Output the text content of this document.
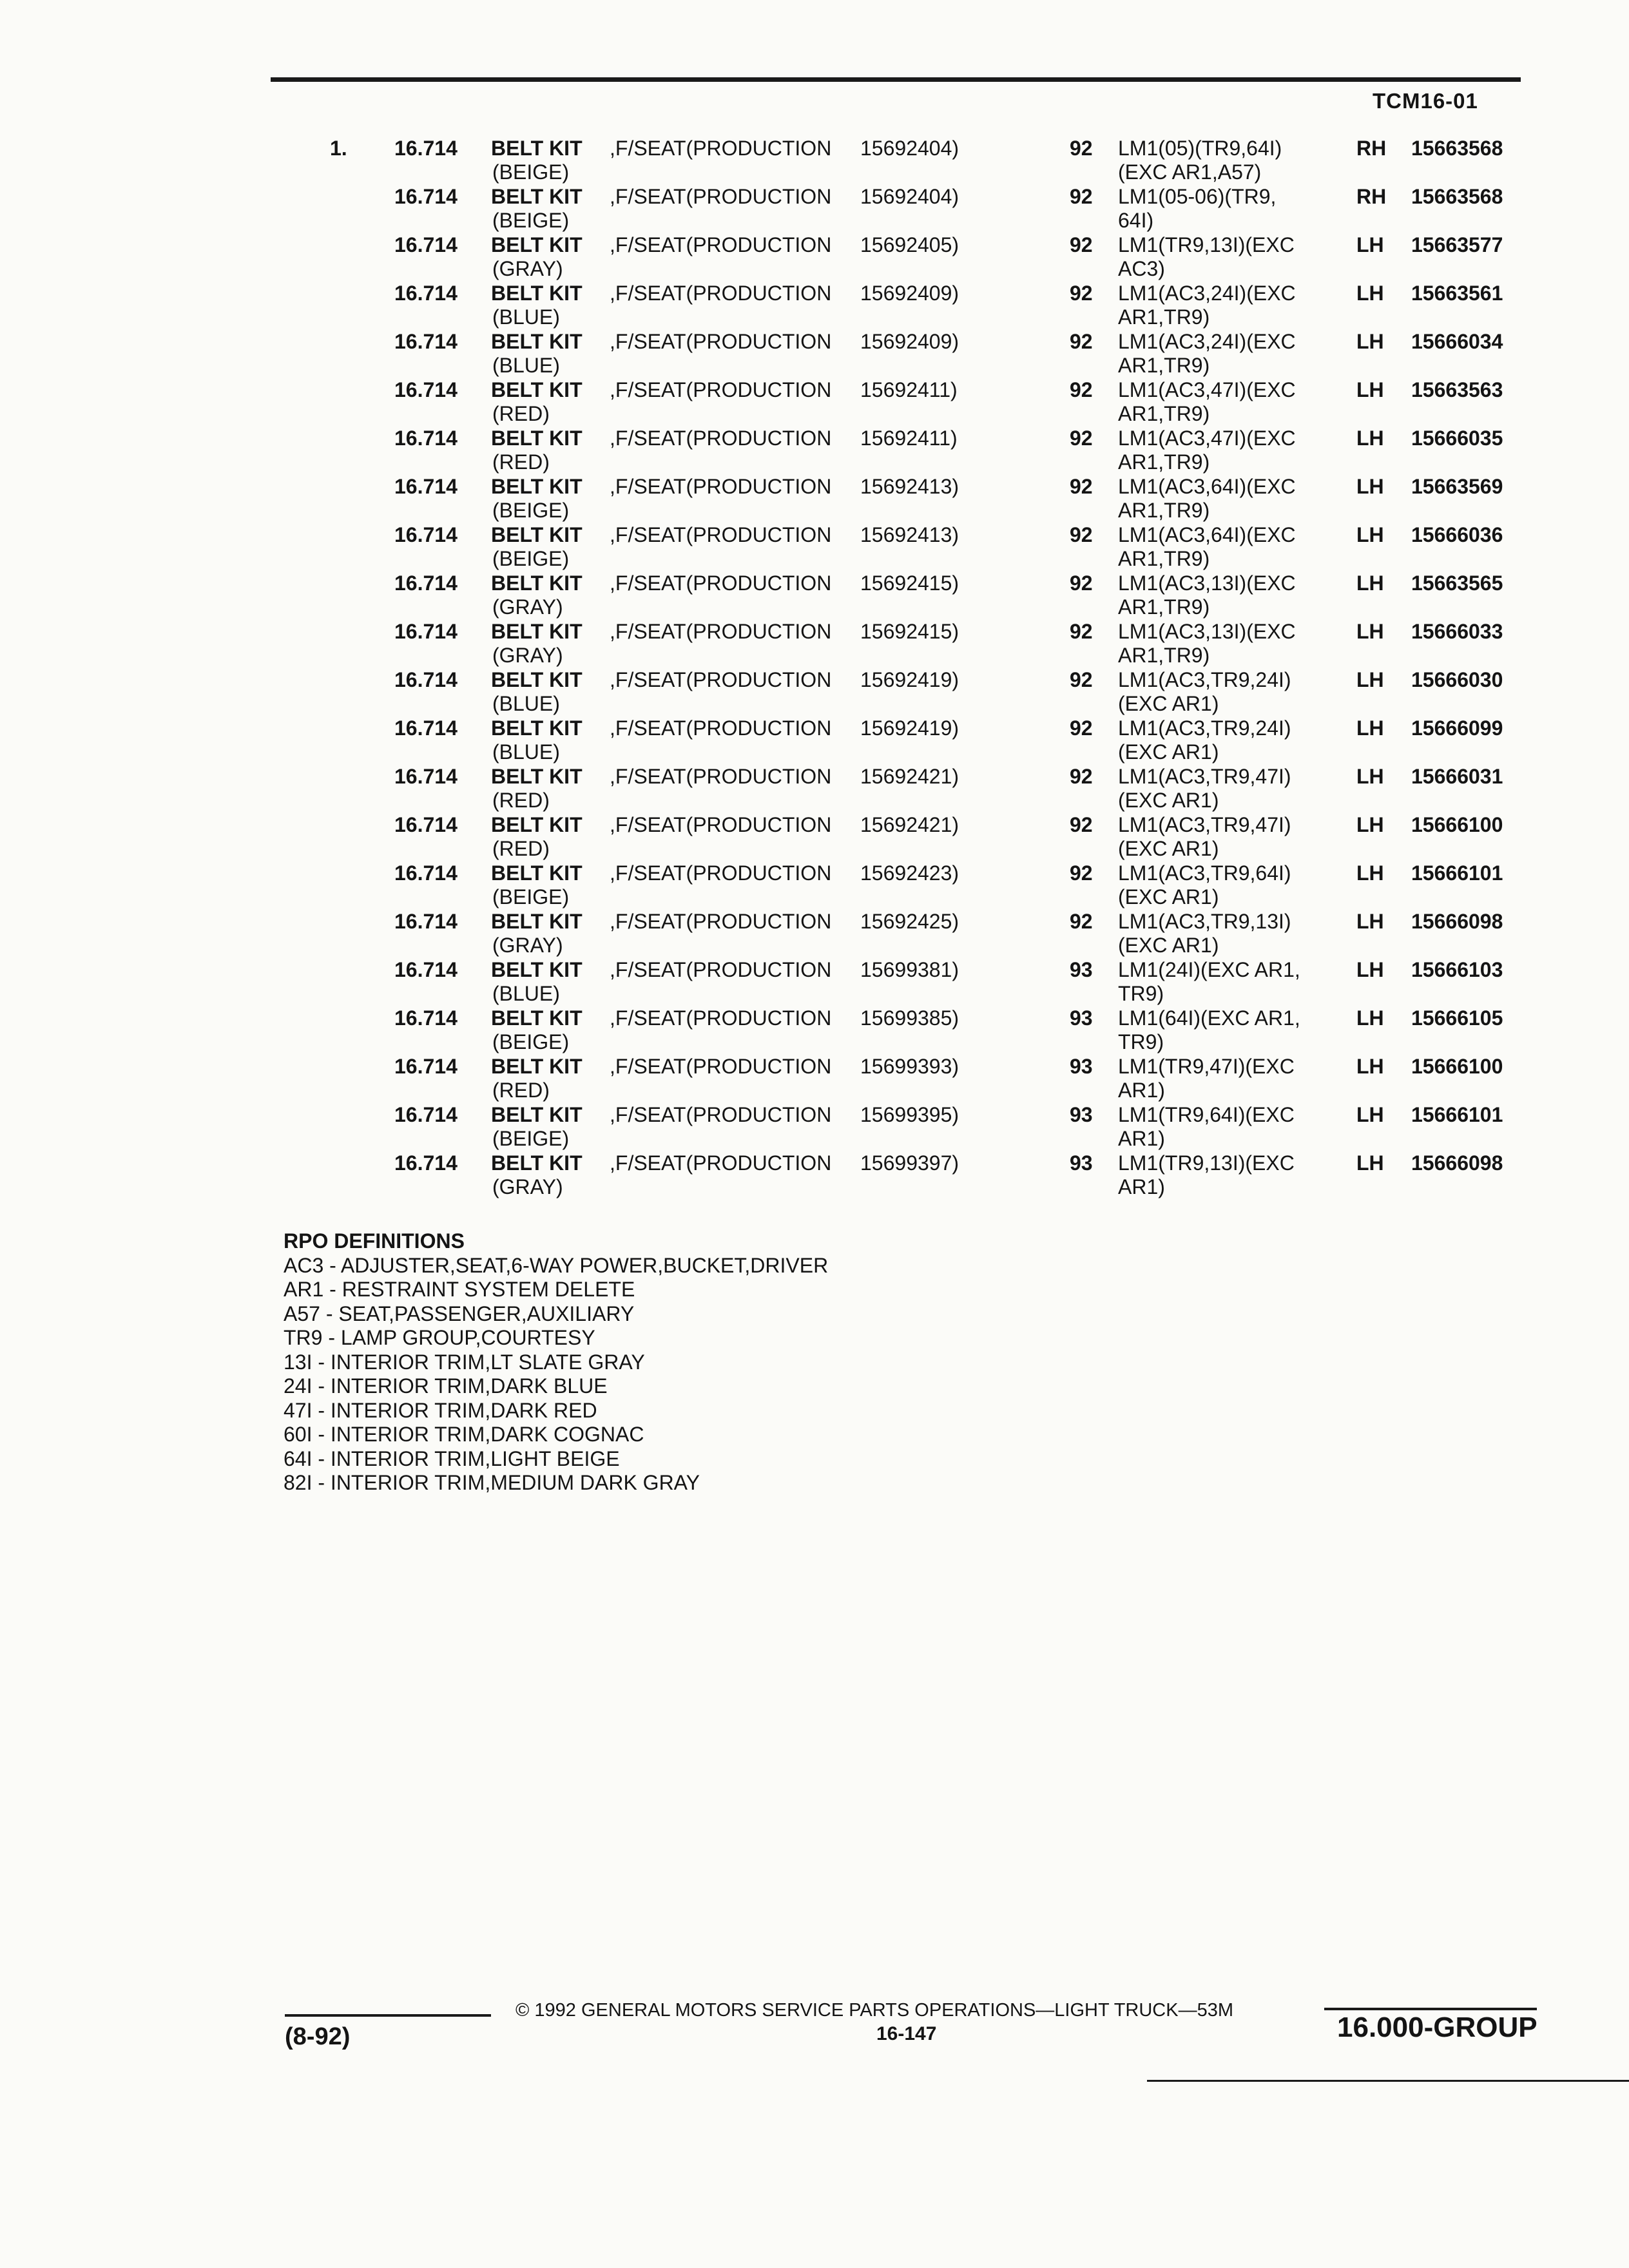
TCM16-01
1. 16.714 BELT KIT ,F/SEAT(PRODUCTION 15692404)
(BEIGE)
16.714 BELT KIT ,F/SEAT(PRODUCTION 15692404)
(BEIGE)
16.714 BELT KIT ,F/SEAT(PRODUCTION 15692405)
(GRAY)
16.714 BELT KIT ,F/SEAT(PRODUCTION 15692409)
(BLUE)
16.714 BELT KIT ,F/SEAT(PRODUCTION 15692409)
(BLUE)
16.714 BELT KIT ,F/SEAT(PRODUCTION 15692411)
(RED)
16.714 BELT KIT ,F/SEAT(PRODUCTION 15692411)
(RED)
16.714 BELT KIT ,F/SEAT(PRODUCTION 15692413)
(BEIGE)
16.714 BELT KIT ,F/SEAT(PRODUCTION 15692413)
(BEIGE)
16.714 BELT KIT ,F/SEAT(PRODUCTION 15692415)
(GRAY)
16.714 BELT KIT ,F/SEAT(PRODUCTION 15692415)
(GRAY)
16.714 BELT KIT ,F/SEAT(PRODUCTION 15692419)
(BLUE)
16.714 BELT KIT ,F/SEAT(PRODUCTION 15692419)
(BLUE)
16.714 BELT KIT ,F/SEAT(PRODUCTION 15692421)
(RED)
16.714 BELT KIT ,F/SEAT(PRODUCTION 15692421)
(RED)
16.714 BELT KIT ,F/SEAT(PRODUCTION 15692423)
(BEIGE)
16.714 BELT KIT ,F/SEAT(PRODUCTION 15692425)
(GRAY)
16.714 BELT KIT ,F/SEAT(PRODUCTION 15699381)
(BLUE)
16.714 BELT KIT ,F/SEAT(PRODUCTION 15699385)
(BEIGE)
16.714 BELT KIT ,F/SEAT(PRODUCTION 15699393)
(RED)
16.714 BELT KIT ,F/SEAT(PRODUCTION 15699395)
(BEIGE)
16.714 BELT KIT ,F/SEAT(PRODUCTION 15699397)
(GRAY)
92 LM1(05)(TR9,64I)
(EXC AR1,A57)
RH 15663568
92 LM1(05-06)(TR9,
64I)
RH 15663568
92 LM1(TR9,13I)(EXC
AC3)
LH 15663577
92 LM1(AC3,24I)(EXC
AR1,TR9)
LH 15663561
92 LM1(AC3,24I)(EXC
AR1,TR9)
LH 15666034
92 LM1(AC3,47I)(EXC
AR1,TR9)
LH 15663563
92 LM1(AC3,47I)(EXC
AR1,TR9)
LH 15666035
92 LM1(AC3,64I)(EXC
AR1,TR9)
LH 15663569
92 LM1(AC3,64I)(EXC
AR1,TR9)
LH 15666036
92 LM1(AC3,13I)(EXC
AR1,TR9)
LH 15663565
92 LM1(AC3,13I)(EXC
AR1,TR9)
LH 15666033
92 LM1(AC3,TR9,24I)
(EXC AR1)
LH 15666030
92 LM1(AC3,TR9,24I)
(EXC AR1)
LH 15666099
92 LM1(AC3,TR9,47I)
(EXC AR1)
LH 15666031
92 LM1(AC3,TR9,47I)
(EXC AR1)
LH 15666100
92 LM1(AC3,TR9,64I)
(EXC AR1)
LH 15666101
92 LM1(AC3,TR9,13I)
(EXC AR1)
LH 15666098
93 LM1(24I)(EXC AR1,
TR9)
LH 15666103
93 LM1(64I)(EXC AR1,
TR9)
LH 15666105
93 LM1(TR9,47I)(EXC
AR1)
LH 15666100
93 LM1(TR9,64I)(EXC
AR1)
LH 15666101
93 LM1(TR9,13I)(EXC
AR1)
LH 15666098
RPO DEFINITIONS
AC3 - ADJUSTER,SEAT,6-WAY POWER,BUCKET,DRIVER
AR1 - RESTRAINT SYSTEM DELETE
A57 - SEAT,PASSENGER,AUXILIARY
TR9 - LAMP GROUP,COURTESY
13I - INTERIOR TRIM,LT SLATE GRAY
24I - INTERIOR TRIM,DARK BLUE
47I - INTERIOR TRIM,DARK RED
60I - INTERIOR TRIM,DARK COGNAC
64I - INTERIOR TRIM,LIGHT BEIGE
82I - INTERIOR TRIM,MEDIUM DARK GRAY
© 1992 GENERAL MOTORS SERVICE PARTS OPERATIONS—LIGHT TRUCK—53M
(8-92)	16-147	16.000-GROUP
